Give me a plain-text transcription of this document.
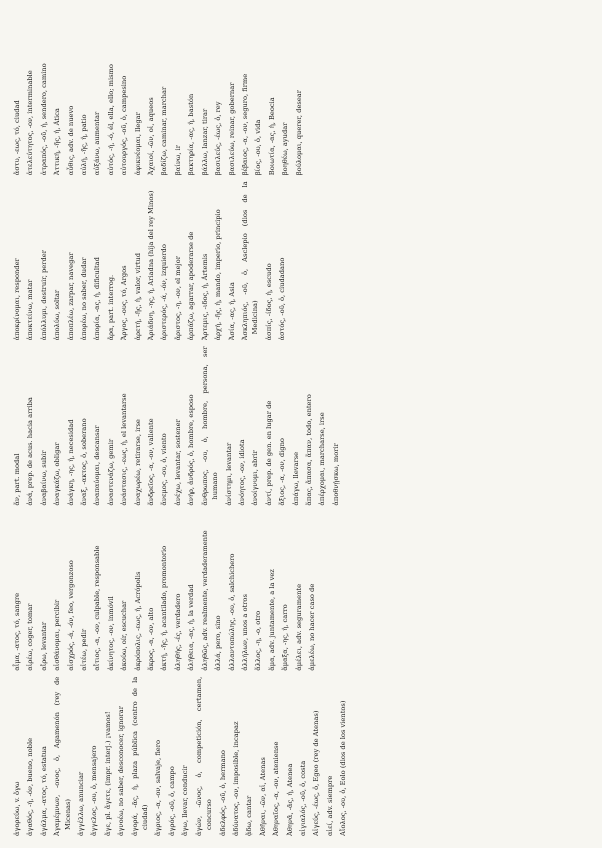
ἀγορεύω, v. ὄγω ἀγαθός, -ή, -όν, bueno, noble ἀγάλμα, -ατος, τό, estatua Ἀγαμέμνων, -ονος, ὁ, Agamenón (rey de Micenas) ἀγγέλλω, anunciar ἄγγελος, -ου, ὁ, mensajero ἄγε, pl. ἄγετε, (impr. interj.) ¡vamos! ἀγνοέω, no saber, desconocer, ignorar ἀγορά, -ᾶς, ἡ, plaza pública (centro de la ciudad) ἄγριος, -α, -ον, salvaje, fiero ἀγρός, -οῦ, ὁ, campo ἄγω, llevar, conducir ἀγών, -ῶνος, ὁ, competición, certamen, concurso ἀδελφός, -οῦ, ὁ, hermano ἀδύνατος, -ον, imposible, incapaz ᾄδω, cantar Ἀθῆναι, -ῶν, αἱ, Atenas Ἀθηναῖος, -α, -ον, ateniense Ἀθηνᾶ, -ᾶς, ἡ, Atenea αἰγιαλός, -οῦ, ὁ, costa Αἰγεύς, -έως, ὁ, Egeo (rey de Atenas) αἰεί, adv. siempre Αἴολος, -ου, ὁ, Eolo (dios de los vientos)

αἷμα, -ατος, τό, sangre αἱρέω, coger, tomar αἴρω, levantar αἰσθάνομαι, percibir αἰσχρός, -ά, -όν, feo, vergonzoso αἰτέω, pedir αἴτιος, -α, -ον, culpable, responsable ἀκίνητος, -ον, inmóvil ἀκούω, oír, escuchar ἀκρόπολις, -εως, ἡ, Acrópolis ἄκρος, -α, -ον, alto ἀκτή, -ῆς, ἡ, acantilado, promontorio ἀληθής, -ές, verdadero ἀλήθεια, -ας, ἡ, la verdad ἀληθῶς, adv. realmente, verdaderamente ἀλλά, pero, sino ἀλλαντοπώλης, -ου, ὁ, salchichero ἀλλήλων, unos a otros ἄλλος, -η, -ο, otro ἅμα, adv. juntamente, a la vez ἅμαξα, -ης, ἡ, carro ἀμέλει, adv. seguramente ἀμελέω, no hacer caso de

ἄν, part. modal ἀνά, prep. de acus. hacia arriba ἀναβαίνω, subir ἀναγκάζω, obligar ἀνάγκη, -ης, ἡ, necesidad ἄναξ, -ακτος, ὁ, soberano ἀναπαύομαι, descansar ἀναστενάζω, gemir ἀνάστασις, -εως, ἡ, el levantarse ἀναχωρέω, retirarse, irse ἄνδρεῖος, -α, -ον, valiente ἄνεμος, -ου, ὁ, viento ἀνέχω, levantar, sostener ἀνήρ, ἀνδρός, ὁ, hombre, esposo ἄνθρωπος, -ου, ὁ, hombre, persona, ser humano ἀνίστημι, levantar ἀνόητος, -ον, idiota ἀνοίγνυμι, abrir ἀντί, prep. de gen. en lugar de ἄξιος, -α, -ον, digno ἀπάγω, llevarse ἅπας, ἅπασα, ἅπαν, todo, entero ἀπέρχομαι, marcharse, irse ἀποθνῄσκω, morir

ἀποκρίνομαι, responder ἀποκτείνω, matar ἀπόλλυμι, destruir, perder ἀπολύω, soltar ἀποπλέω, zarpar, navegar ἀπορέω, no saber, dudar ἀπορία, -ας, ἡ, dificultad ἄρα, part. interrog. Ἄργος, -ους, τό, Argos ἀρετή, -ῆς, ἡ, valor, virtud Ἀριάδνη, -ης, ἡ, Ariadna (hija del rey Minos) ἀριστερός, -ά, -όν, izquierdo ἄριστος, -η, -ον, el mejor ἀρπάζω, agarrar, apoderarse de Ἄρτεμις, -ιδος, ἡ, Ártemis ἀρχή, -ῆς, ἡ, mando, imperio, principio Ἀσία, -ας, ἡ, Asia Ἀσκληπιός, -οῦ, ὁ, Asclepio (dios de la Medicina) ἀσπίς, -ίδος, ἡ, escudo ἀστός, -οῦ, ὁ, ciudadano

ἄστυ, -εως, τό, ciudad ἀτελεύτητος, -ον, interminable ἀτραπός, -οῦ, ἡ, sendero, camino Ἀττική, -ῆς, ἡ, Ática αὖθις, adv. de nuevo αὐλή, -ῆς, ἡ, patio αὐξάνω, aumentar αὐτός, -ή, -ό, él, ella, ello; mismo αὐτουργός, -οῦ, ὁ, campesino ἀφικνέομαι, llegar Ἀχαιοί, -ῶν, οἱ, aqueos βαδίζω, caminar, marchar βαίνω, ir βακτηρία, -ας, ἡ, bastón βάλλω, lanzar, tirar βασιλεύς, -έως, ὁ, rey βασιλεύω, reinar, gobernar βέβαιος, -α, -ον, seguro, firme βίος, -ου, ὁ, vida Βοιωτία, -ας, ἡ, Beocia βοηθέω, ayudar βούλομαι, querer, desear
